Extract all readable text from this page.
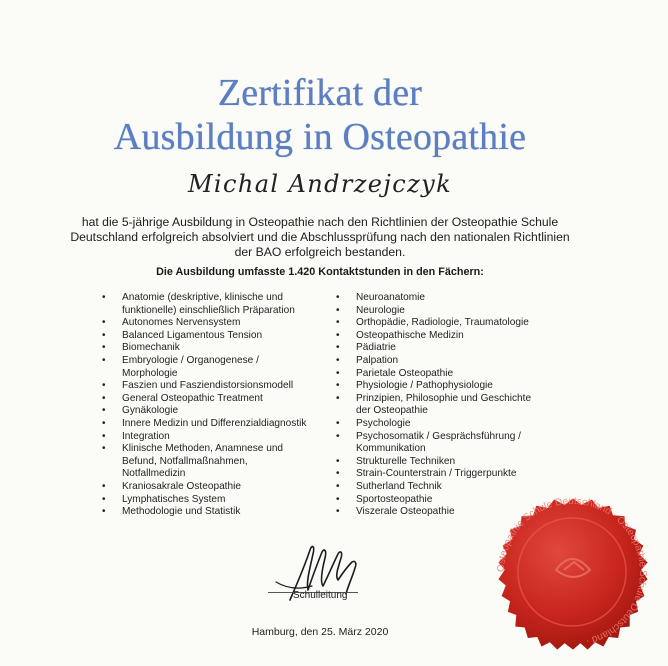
Zertifikat der
Ausbildung in Osteopathie
Michal Andrzejczyk
hat die 5-jährige Ausbildung in Osteopathie nach den Richtlinien der Osteopathie Schule Deutschland erfolgreich absolviert und die Abschlussprüfung nach den nationalen Richtlinien der BAO erfolgreich bestanden.
Die Ausbildung umfasste 1.420 Kontaktstunden in den Fächern:
• Anatomie (deskriptive, klinische und
funktionelle) einschließlich Präparation
• Autonomes Nervensystem
• Balanced Ligamentous Tension
• Biomechanik
• Embryologie / Organogenese /
Morphologie
• Faszien und Fasziendistorsionsmodell
• General Osteopathic Treatment
• Gynäkologie
• Innere Medizin und Differenzialdiagnostik
• Integration
• Klinische Methoden, Anamnese und
Befund, Notfallmaßnahmen,
Notfallmedizin
• Kraniosakrale Osteopathie
• Lymphatisches System
• Methodologie und Statistik
• Neuroanatomie
• Neurologie
• Orthopädie, Radiologie, Traumatologie
• Osteopathische Medizin
• Pädiatrie
• Palpation
• Parietale Osteopathie
• Physiologie / Pathophysiologie
• Prinzipien, Philosophie und Geschichte
der Osteopathie
• Psychologie
• Psychosomatik / Gesprächsführung /
Kommunikation
• Strukturelle Techniken
• Strain-Counterstrain / Triggerpunkte
• Sutherland Technik
• Sportosteopathie
• Viszerale Osteopathie
Osteopathie Schule Deutschland · Osteopathie Schule Deutschland ·
Schulleitung
Hamburg, den 25. März 2020
